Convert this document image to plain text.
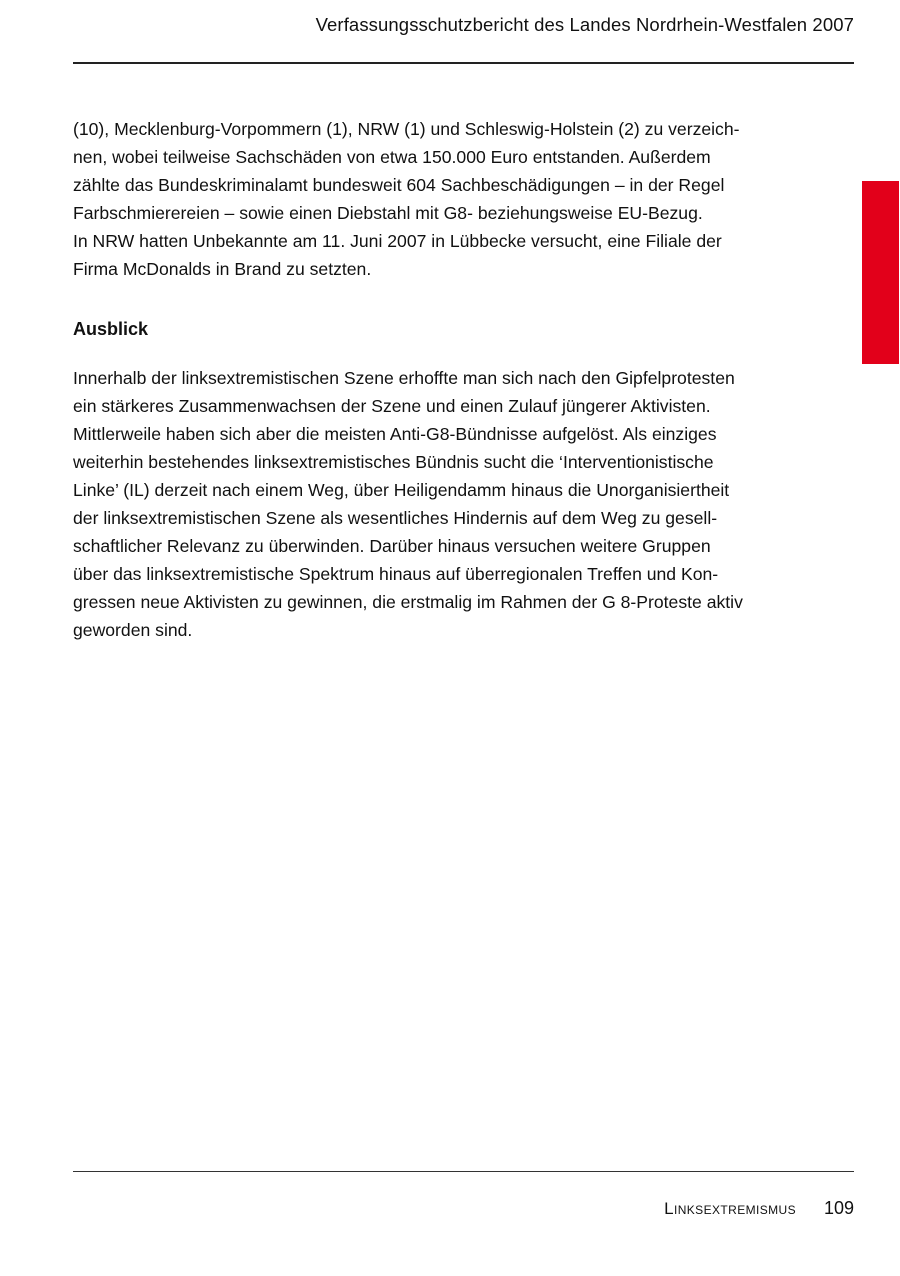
Verfassungsschutzbericht des Landes Nordrhein-Westfalen 2007

(10), Mecklenburg-Vorpommern (1), NRW (1) und Schleswig-Holstein (2) zu verzeich-
nen, wobei teilweise Sachschäden von etwa 150.000 Euro entstanden. Außerdem
zählte das Bundeskriminalamt bundesweit 604 Sachbeschädigungen – in der Regel
Farbschmierereien – sowie einen Diebstahl mit G8- beziehungsweise EU-Bezug.
In NRW hatten Unbekannte am 11. Juni 2007 in Lübbecke versucht, eine Filiale der
Firma McDonalds in Brand zu setzten.

Ausblick

Innerhalb der linksextremistischen Szene erhoffte man sich nach den Gipfelprotesten
ein stärkeres Zusammenwachsen der Szene und einen Zulauf jüngerer Aktivisten.
Mittlerweile haben sich aber die meisten Anti-G8-Bündnisse aufgelöst. Als einziges
weiterhin bestehendes linksextremistisches Bündnis sucht die ‘Interventionistische
Linke’ (IL) derzeit nach einem Weg, über Heiligendamm hinaus die Unorganisiertheit
der linksextremistischen Szene als wesentliches Hindernis auf dem Weg zu gesell-
schaftlicher Relevanz zu überwinden. Darüber hinaus versuchen weitere Gruppen
über das linksextremistische Spektrum hinaus auf überregionalen Treffen und Kon-
gressen neue Aktivisten zu gewinnen, die erstmalig im Rahmen der G 8-Proteste aktiv
geworden sind.

Linksextremismus 109
